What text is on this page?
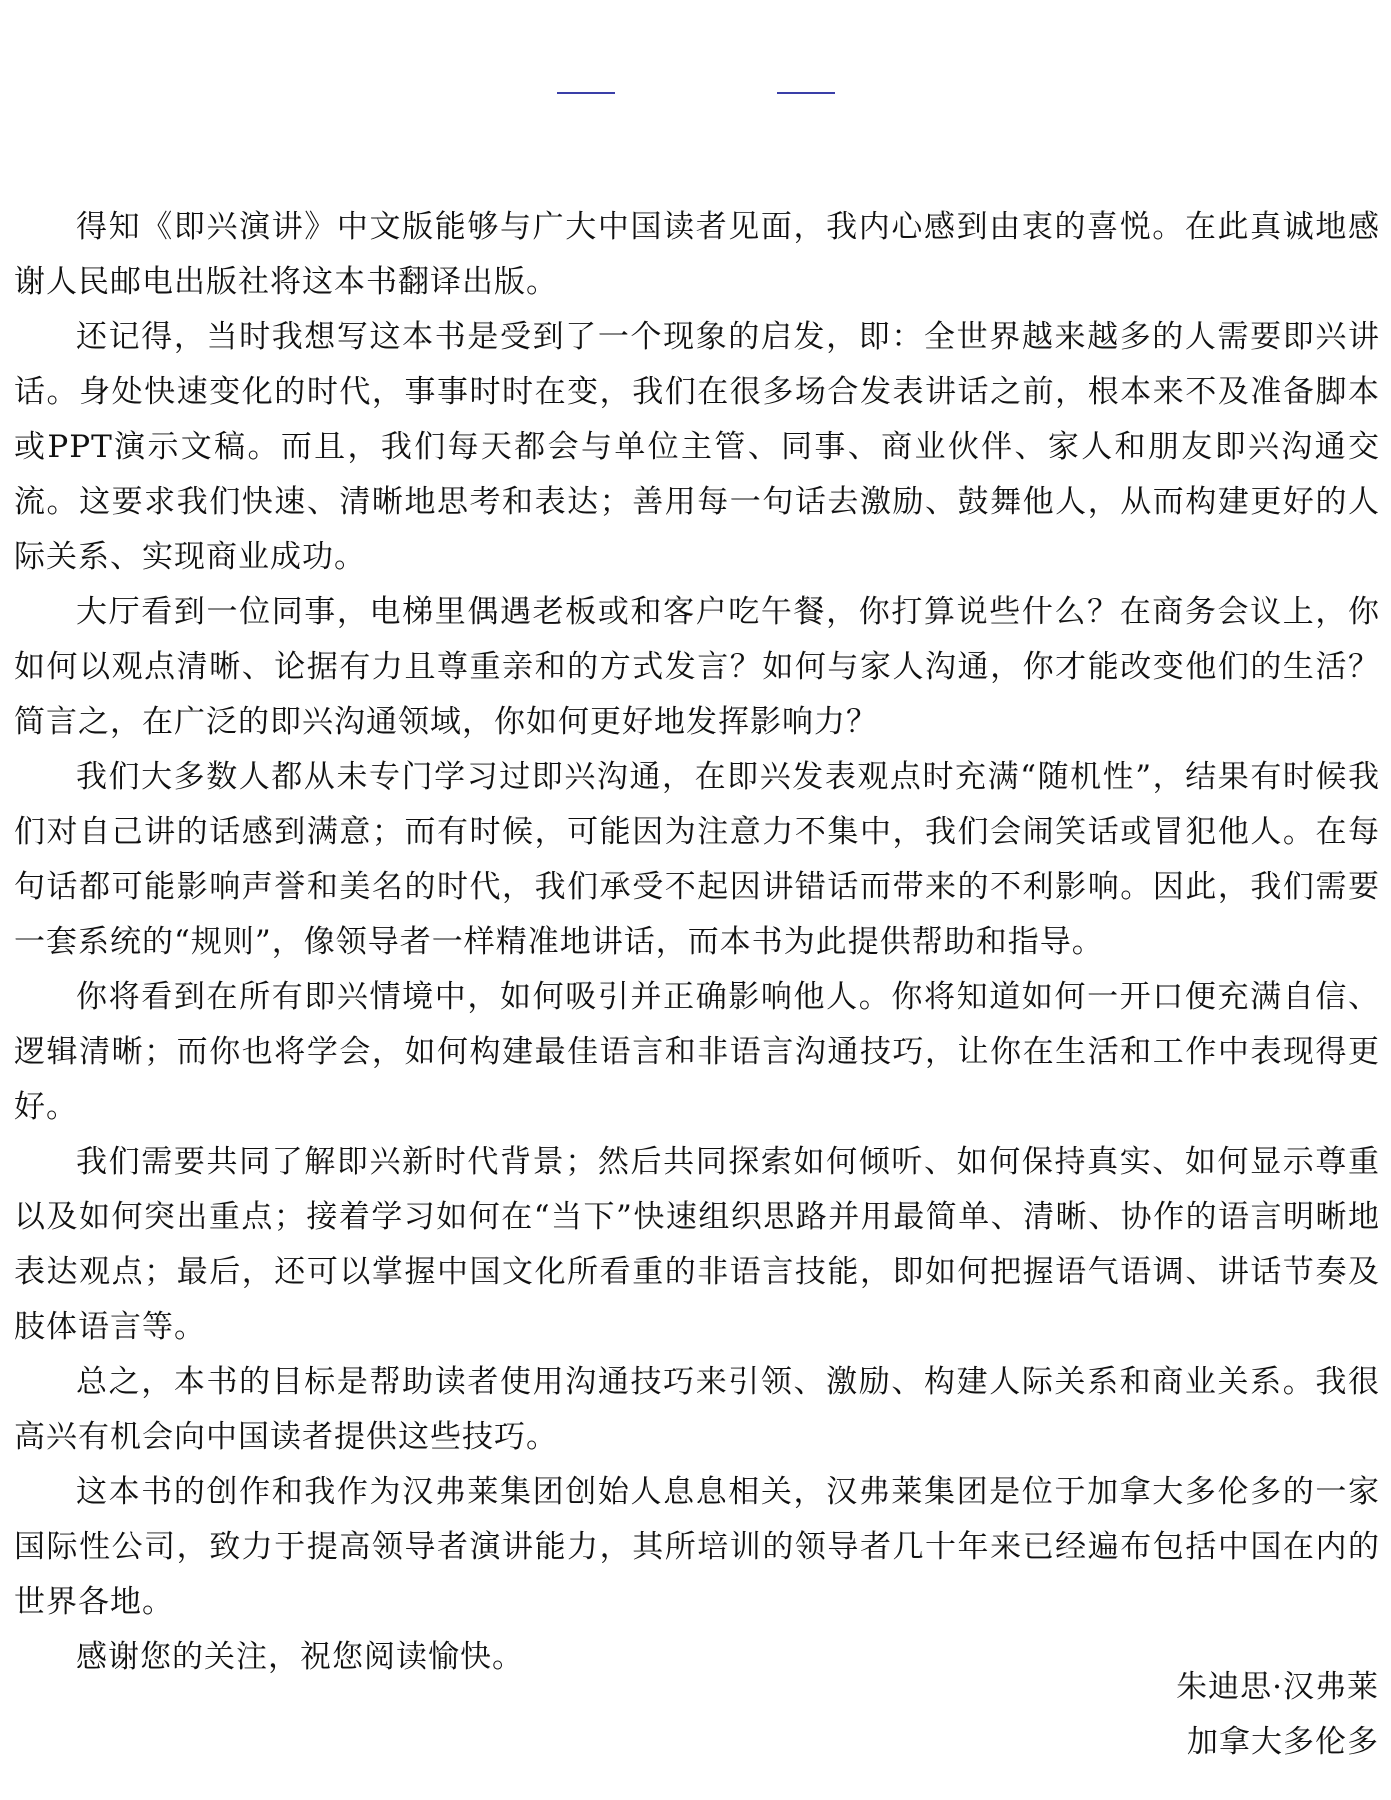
得知《即兴演讲》中文版能够与广大中国读者见面，我内心感到由衷的喜悦。在此真诚地感谢人民邮电出版社将这本书翻译出版。

还记得，当时我想写这本书是受到了一个现象的启发，即：全世界越来越多的人需要即兴讲话。身处快速变化的时代，事事时时在变，我们在很多场合发表讲话之前，根本来不及准备脚本或PPT演示文稿。而且，我们每天都会与单位主管、同事、商业伙伴、家人和朋友即兴沟通交流。这要求我们快速、清晰地思考和表达；善用每一句话去激励、鼓舞他人，从而构建更好的人际关系、实现商业成功。

大厅看到一位同事，电梯里偶遇老板或和客户吃午餐，你打算说些什么？在商务会议上，你如何以观点清晰、论据有力且尊重亲和的方式发言？如何与家人沟通，你才能改变他们的生活？简言之，在广泛的即兴沟通领域，你如何更好地发挥影响力？

我们大多数人都从未专门学习过即兴沟通，在即兴发表观点时充满“随机性”，结果有时候我们对自己讲的话感到满意；而有时候，可能因为注意力不集中，我们会闹笑话或冒犯他人。在每句话都可能影响声誉和美名的时代，我们承受不起因讲错话而带来的不利影响。因此，我们需要一套系统的“规则”，像领导者一样精准地讲话，而本书为此提供帮助和指导。

你将看到在所有即兴情境中，如何吸引并正确影响他人。你将知道如何一开口便充满自信、逻辑清晰；而你也将学会，如何构建最佳语言和非语言沟通技巧，让你在生活和工作中表现得更好。

我们需要共同了解即兴新时代背景；然后共同探索如何倾听、如何保持真实、如何显示尊重以及如何突出重点；接着学习如何在“当下”快速组织思路并用最简单、清晰、协作的语言明晰地表达观点；最后，还可以掌握中国文化所看重的非语言技能，即如何把握语气语调、讲话节奏及肢体语言等。

总之，本书的目标是帮助读者使用沟通技巧来引领、激励、构建人际关系和商业关系。我很高兴有机会向中国读者提供这些技巧。

这本书的创作和我作为汉弗莱集团创始人息息相关，汉弗莱集团是位于加拿大多伦多的一家国际性公司，致力于提高领导者演讲能力，其所培训的领导者几十年来已经遍布包括中国在内的世界各地。

感谢您的关注，祝您阅读愉快。

朱迪思·汉弗莱
加拿大多伦多
